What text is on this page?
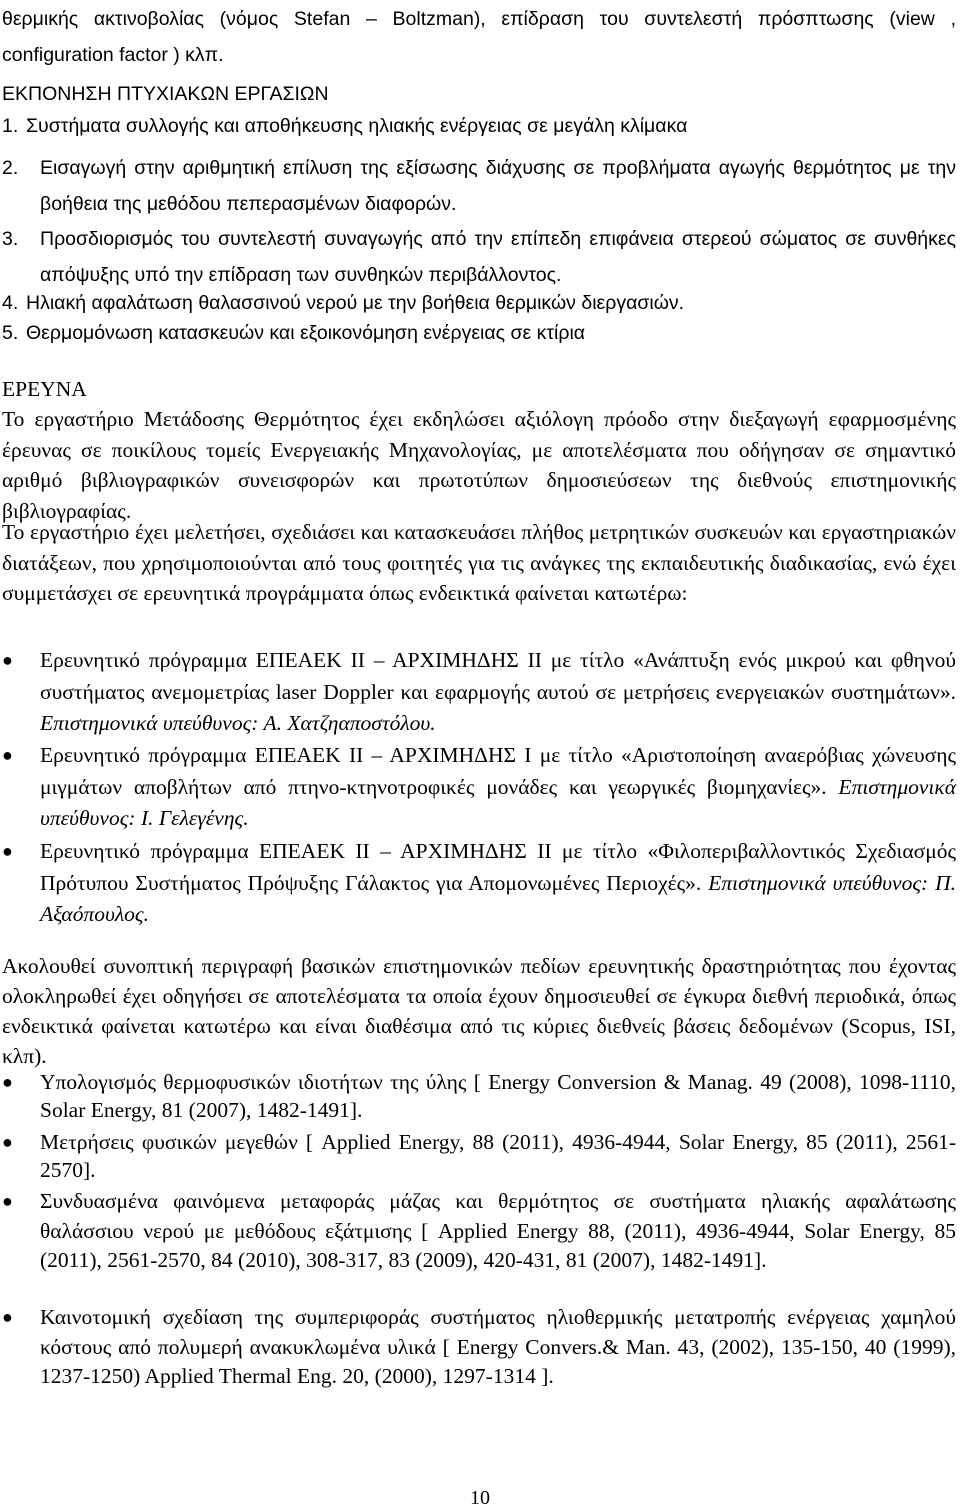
θερμικής ακτινοβολίας (νόμος Stefan – Boltzman), επίδραση του συντελεστή πρόσπτωσης (view , configuration factor ) κλπ.

ΕΚΠΟΝΗΣΗ ΠΤΥΧΙΑΚΩΝ ΕΡΓΑΣΙΩΝ

1. Συστήματα συλλογής και αποθήκευσης ηλιακής ενέργειας σε μεγάλη κλίμακα
2.	Εισαγωγή στην αριθμητική επίλυση της εξίσωσης διάχυσης σε προβλήματα αγωγής θερμότητος με την βοήθεια της μεθόδου πεπερασμένων διαφορών.
3.	Προσδιορισμός του συντελεστή συναγωγής από την επίπεδη επιφάνεια στερεού σώματος σε συνθήκες απόψυξης υπό την επίδραση των συνθηκών περιβάλλοντος.
4. Ηλιακή αφαλάτωση θαλασσινού νερού με την βοήθεια θερμικών διεργασιών.
5. Θερμομόνωση κατασκευών και εξοικονόμηση ενέργειας σε κτίρια

ΕΡΕΥΝΑ

Το εργαστήριο Μετάδοσης Θερμότητος έχει εκδηλώσει αξιόλογη πρόοδο στην διεξαγωγή εφαρμοσμένης έρευνας σε ποικίλους τομείς Ενεργειακής Μηχανολογίας, με αποτελέσματα που οδήγησαν σε σημαντικό αριθμό βιβλιογραφικών συνεισφορών και πρωτοτύπων δημοσιεύσεων της διεθνούς επιστημονικής βιβλιογραφίας.

Το εργαστήριο έχει μελετήσει, σχεδιάσει και κατασκευάσει πλήθος μετρητικών συσκευών και εργαστηριακών διατάξεων, που χρησιμοποιούνται από τους φοιτητές για τις ανάγκες της εκπαιδευτικής διαδικασίας, ενώ έχει συμμετάσχει σε ερευνητικά προγράμματα όπως ενδεικτικά φαίνεται κατωτέρω:

●	Ερευνητικό πρόγραμμα ΕΠΕΑΕΚ ΙΙ – ΑΡΧΙΜΗΔΗΣ ΙΙ με τίτλο «Ανάπτυξη ενός μικρού και φθηνού συστήματος ανεμομετρίας laser Doppler και εφαρμογής αυτού σε μετρήσεις ενεργειακών συστημάτων». Επιστημονικά υπεύθυνος: Α. Χατζηαποστόλου.
●	Ερευνητικό πρόγραμμα ΕΠΕΑΕΚ ΙΙ – ΑΡΧΙΜΗΔΗΣ Ι με τίτλο «Αριστοποίηση αναερόβιας χώνευσης μιγμάτων αποβλήτων από πτηνο-κτηνοτροφικές μονάδες και γεωργικές βιομηχανίες». Επιστημονικά υπεύθυνος: Ι. Γελεγένης.
●	Ερευνητικό πρόγραμμα ΕΠΕΑΕΚ ΙΙ – ΑΡΧΙΜΗΔΗΣ ΙΙ με τίτλο «Φιλοπεριβαλλοντικός Σχεδιασμός Πρότυπου Συστήματος Πρόψυξης Γάλακτος για Απομονωμένες Περιοχές». Επιστημονικά υπεύθυνος: Π. Αξαόπουλος.

Ακολουθεί συνοπτική περιγραφή βασικών επιστημονικών πεδίων ερευνητικής δραστηριότητας που έχοντας ολοκληρωθεί έχει οδηγήσει σε αποτελέσματα τα οποία έχουν δημοσιευθεί σε έγκυρα διεθνή περιοδικά, όπως ενδεικτικά φαίνεται κατωτέρω και είναι διαθέσιμα από τις κύριες διεθνείς βάσεις δεδομένων (Scopus, ISI, κλπ).

●	Υπολογισμός θερμοφυσικών ιδιοτήτων της ύλης [ Energy Conversion & Manag. 49 (2008), 1098-1110, Solar Energy, 81 (2007), 1482-1491].
●	Μετρήσεις φυσικών μεγεθών [ Applied Energy, 88 (2011), 4936-4944, Solar Energy, 85 (2011), 2561-2570].
●	Συνδυασμένα φαινόμενα μεταφοράς μάζας και θερμότητος σε συστήματα ηλιακής αφαλάτωσης θαλάσσιου νερού με μεθόδους εξάτμισης [ Applied Energy 88, (2011), 4936-4944, Solar Energy, 85 (2011), 2561-2570, 84 (2010), 308-317, 83 (2009), 420-431, 81 (2007), 1482-1491].
●	Καινοτομική σχεδίαση της συμπεριφοράς συστήματος ηλιοθερμικής μετατροπής ενέργειας χαμηλού κόστους από πολυμερή ανακυκλωμένα υλικά [ Energy Convers.& Man. 43, (2002), 135-150, 40 (1999), 1237-1250) Applied Thermal Eng. 20, (2000), 1297-1314 ].
10
